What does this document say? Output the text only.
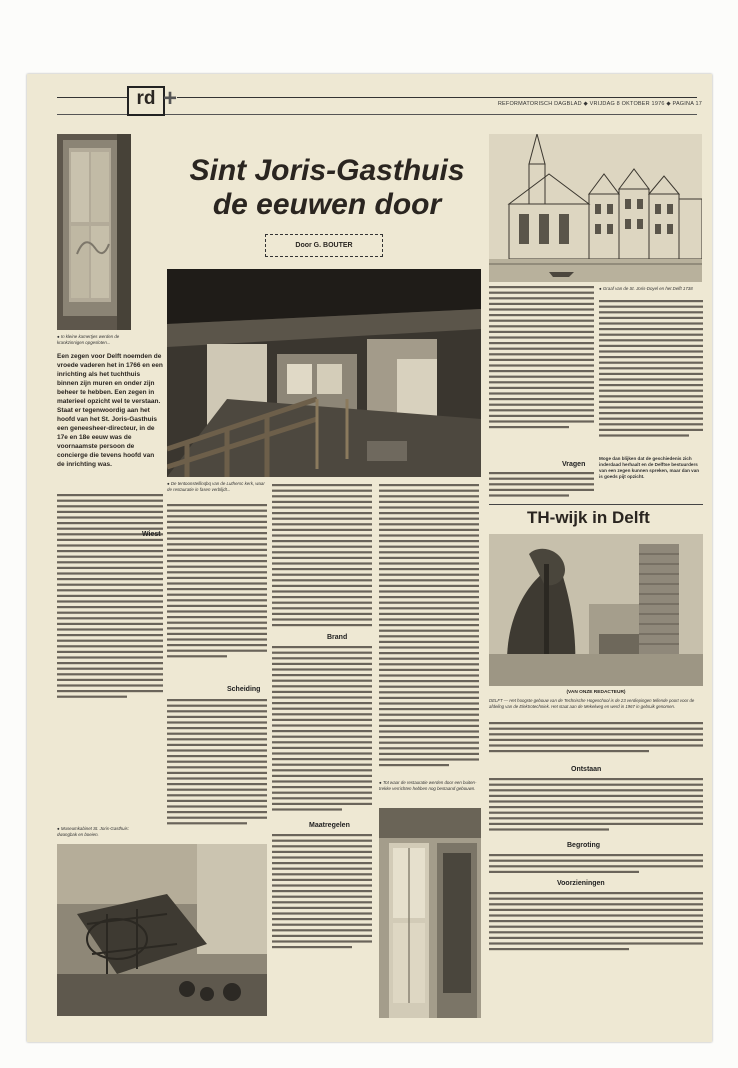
rd +	REFORMATORISCH DAGBLAD ◆ VRIJDAG 8 OKTOBER 1976 ◆ PAGINA 17
Sint Joris-Gasthuis
de eeuwen door
Door G. BOUTER
● In kleine kamertjes werden de krankzinnigen opgesloten...
Een zegen voor Delft noemden de vroede vaderen het in 1766 en een inrichting als het tuchthuis binnen zijn muren en onder zijn beheer te hebben. Een zegen in materieel opzicht wel te verstaan. Staat er tegenwoordig aan het hoofd van het St. Joris-Gasthuis een geneesheer-directeur, in de 17e en 18e eeuw was de voornaamste persoon de concierge die tevens hoofd van de inrichting was.
Wiest
● Museumkabinet St. Joris-Gasthuis: dwangbak en boeien.
● De tentoonstellinqbq van de Luthersc kerk, waar de restauratie in fasen verblijdt...
Scheiding
Brand
Maatregelen
● Tot waar de restauratie werden door een buiten-trekke verrichten hebben nog bestaand gebouwn.
Vragen
● Graaf van de St. Joris-Doyel en het Delft 1738
Moge dan blijken dat de geschiedenis zich inderdaad herhaalt en de Delftse bestuurders van een zegen kunnen spreken, maar dan van is goeds pijt opzicht.
TH-wijk in Delft
(VAN ONZE REDACTEUR)
DELFT — Het hoogste gebouw van de Technische Hogeschool is de 23 verdiepingen tellende poort voor de afdeling van de Elektrotechniek. Het staat aan de Mekelweg en werd in 1967 in gebruik genomen.
Ontstaan
Begroting
Voorzieningen
